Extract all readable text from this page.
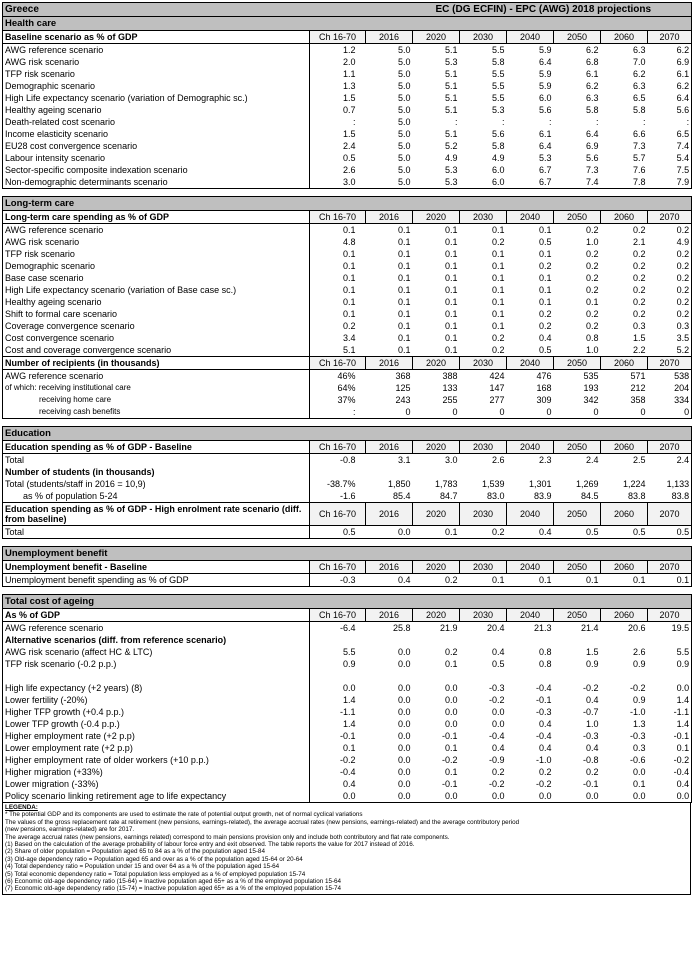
Greece	EC (DG ECFIN) - EPC (AWG) 2018 projections							
Health care								
Baseline scenario as % of GDP	Ch 16-70	2016	2020	2030	2040	2050	2060	2070
AWG reference scenario	1.2	5.0	5.1	5.5	5.9	6.2	6.3	6.2
AWG risk scenario	2.0	5.0	5.3	5.8	6.4	6.8	7.0	6.9
TFP risk scenario	1.1	5.0	5.1	5.5	5.9	6.1	6.2	6.1
Demographic scenario	1.3	5.0	5.1	5.5	5.9	6.2	6.3	6.2
High Life expectancy scenario (variation of Demographic sc.)	1.5	5.0	5.1	5.5	6.0	6.3	6.5	6.4
Healthy ageing scenario	0.7	5.0	5.1	5.3	5.6	5.8	5.8	5.6
Death-related cost scenario	:	5.0	:	:	:	:	:	:
Income elasticity scenario	1.5	5.0	5.1	5.6	6.1	6.4	6.6	6.5
EU28 cost convergence scenario	2.4	5.0	5.2	5.8	6.4	6.9	7.3	7.4
Labour intensity scenario	0.5	5.0	4.9	4.9	5.3	5.6	5.7	5.4
Sector-specific composite indexation scenario	2.6	5.0	5.3	6.0	6.7	7.3	7.6	7.5
Non-demographic determinants scenario	3.0	5.0	5.3	6.0	6.7	7.4	7.8	7.9

Long-term care								
Long-term care spending as % of GDP	Ch 16-70	2016	2020	2030	2040	2050	2060	2070
AWG reference scenario	0.1	0.1	0.1	0.1	0.1	0.2	0.2	0.2
AWG risk scenario	4.8	0.1	0.1	0.2	0.5	1.0	2.1	4.9
TFP risk scenario	0.1	0.1	0.1	0.1	0.1	0.2	0.2	0.2
Demographic scenario	0.1	0.1	0.1	0.1	0.2	0.2	0.2	0.2
Base case scenario	0.1	0.1	0.1	0.1	0.1	0.2	0.2	0.2
High Life expectancy scenario (variation of Base case sc.)	0.1	0.1	0.1	0.1	0.1	0.2	0.2	0.2
Healthy ageing scenario	0.1	0.1	0.1	0.1	0.1	0.1	0.2	0.2
Shift to formal care scenario	0.1	0.1	0.1	0.1	0.2	0.2	0.2	0.2
Coverage convergence scenario	0.2	0.1	0.1	0.1	0.2	0.2	0.3	0.3
Cost convergence scenario	3.4	0.1	0.1	0.2	0.4	0.8	1.5	3.5
Cost and coverage convergence scenario	5.1	0.1	0.1	0.2	0.5	1.0	2.2	5.2
Number of recipients (in thousands)	Ch 16-70	2016	2020	2030	2040	2050	2060	2070
AWG reference scenario	46%	368	388	424	476	535	571	538
of which: receiving institutional care	64%	125	133	147	168	193	212	204
receiving home care	37%	243	255	277	309	342	358	334
receiving cash benefits	:	0	0	0	0	0	0	0

Education								
Education spending as % of GDP - Baseline	Ch 16-70	2016	2020	2030	2040	2050	2060	2070
Total	-0.8	3.1	3.0	2.6	2.3	2.4	2.5	2.4
Number of students (in thousands)								
Total (students/staff in 2016 = 10,9)	-38.7%	1,850	1,783	1,539	1,301	1,269	1,224	1,133
as % of population 5-24	-1.6	85.4	84.7	83.0	83.9	84.5	83.8	83.8
Education spending as % of GDP - High enrolment rate scenario (diff. from baseline)	Ch 16-70	2016	2020	2030	2040	2050	2060	2070
Total	0.5	0.0	0.1	0.2	0.4	0.5	0.5	0.5

Unemployment benefit								
Unemployment benefit - Baseline	Ch 16-70	2016	2020	2030	2040	2050	2060	2070
Unemployment benefit spending as % of GDP	-0.3	0.4	0.2	0.1	0.1	0.1	0.1	0.1

Total cost of ageing								
As % of GDP	Ch 16-70	2016	2020	2030	2040	2050	2060	2070
AWG reference scenario	-6.4	25.8	21.9	20.4	21.3	21.4	20.6	19.5
Alternative scenarios (diff. from reference scenario)								
AWG risk scenario (affect HC & LTC)	5.5	0.0	0.2	0.4	0.8	1.5	2.6	5.5
TFP risk scenario (-0.2 p.p.)	0.9	0.0	0.1	0.5	0.8	0.9	0.9	0.9

High life expectancy (+2 years) (8)	0.0	0.0	0.0	-0.3	-0.4	-0.2	-0.2	0.0
Lower fertility (-20%)	1.4	0.0	0.0	-0.2	-0.1	0.4	0.9	1.4
Higher TFP growth (+0.4 p.p.)	-1.1	0.0	0.0	0.0	-0.3	-0.7	-1.0	-1.1
Lower TFP growth (-0.4 p.p.)	1.4	0.0	0.0	0.0	0.4	1.0	1.3	1.4
Higher employment rate (+2 p.p)	-0.1	0.0	-0.1	-0.4	-0.4	-0.3	-0.3	-0.1
Lower employment rate (+2 p.p)	0.1	0.0	0.1	0.4	0.4	0.4	0.3	0.1
Higher employment rate of older workers (+10 p.p.)	-0.2	0.0	-0.2	-0.9	-1.0	-0.8	-0.6	-0.2
Higher migration (+33%)	-0.4	0.0	0.1	0.2	0.2	0.2	0.0	-0.4
Lower migration (-33%)	0.4	0.0	-0.1	-0.2	-0.2	-0.1	0.1	0.4
Policy scenario linking retirement age to life expectancy	0.0	0.0	0.0	0.0	0.0	0.0	0.0	0.0
LEGENDA:
* The potential GDP and its components are used to estimate the rate of potential output growth, net of normal cyclical variations
The values of the gross replacement rate at retirement (new pensions, earnings-related), the average accrual rates (new pensions, earnings-related) and the average contributory period
(new pensions, earnings-related) are for 2017.
The average accrual rates (new pensions, earnings related) correspond to main pensions provision only and include both contributory and flat rate components.
(1) Based on the calculation of the average probability of labour force entry and exit observed. The table reports the value for 2017 instead of 2016.
(2) Share of older population = Population aged 65 to 84 as a % of the population aged 15-84
(3) Old-age dependency ratio = Population aged 65 and over as a % of the population aged 15-64 or 20-64
(4) Total dependency ratio = Population under 15 and over 64 as a % of the population aged 15-64
(5) Total economic dependency ratio = Total population less employed as a % of employed population 15-74
(6) Economic old-age dependency ratio (15-64) = Inactive population aged 65+ as a % of the employed population 15-64
(7) Economic old-age dependency ratio (15-74) = Inactive population aged 65+ as a % of the employed population 15-74
